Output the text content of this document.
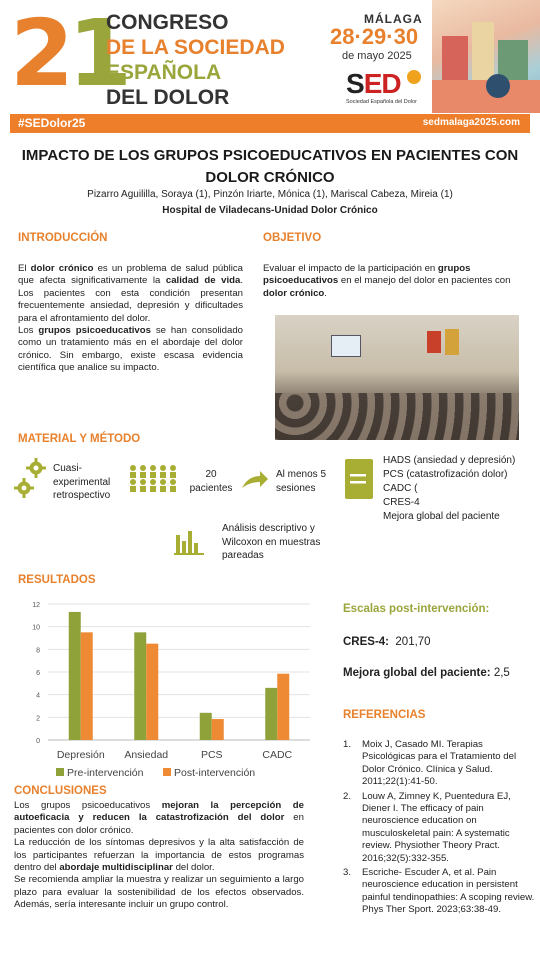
21
CONGRESO
DE LA SOCIEDAD
ESPAÑOLA
DEL DOLOR
MÁLAGA
28·29·30
de mayo 2025
SED
Sociedad Española del Dolor
#SEDolor25	sedmalaga2025.com
IMPACTO DE LOS GRUPOS PSICOEDUCATIVOS EN PACIENTES CON DOLOR CRÓNICO
Pizarro Aguililla, Soraya (1), Pinzón Iriarte, Mónica (1), Mariscal Cabeza, Mireia (1)
Hospital de Viladecans-Unidad Dolor Crónico
INTRODUCCIÓN

El dolor crónico es un problema de salud pública que afecta significativamente la calidad de vida. Los pacientes con esta condición presentan frecuentemente ansiedad, depresión y dificultades para el afrontamiento del dolor.

Los grupos psicoeducativos se han consolidado como un tratamiento más en el abordaje del dolor crónico. Sin embargo, existe escasa evidencia científica que analice su impacto.

OBJETIVO

Evaluar el impacto de la participación en grupos psicoeducativos en el manejo del dolor en pacientes con dolor crónico.

MATERIAL Y MÉTODO
Cuasi-experimental retrospectivo
20 pacientes
Al menos 5 sesiones
HADS (ansiedad y depresión)
PCS (catastrofización dolor)
CADC (
CRES-4
Mejora global del paciente
Análisis descriptivo y Wilcoxon en muestras pareadas
RESULTADOS
0
2
4
6
8
10
12
Depresión Ansiedad	PCS	CADC
Pre-intervención	Post-intervención
Escalas post-intervención:
CRES-4: 201,70
Mejora global del paciente: 2,5
REFERENCIAS
1. Moix J, Casado MI. Terapias Psicológicas para el Tratamiento del Dolor Crónico. Clínica y Salud. 2011;22(1):41-50.
2. Louw A, Zimney K, Puentedura EJ, Diener I. The efficacy of pain neuroscience education on musculoskeletal pain: A systematic review. Physiother Theory Pract. 2016;32(5):332-355.
3. Escriche- Escuder A, et al. Pain neuroscience education in persistent painful tendinopathies: A scoping review. Phys Ther Sport. 2023;63:38-49.
CONCLUSIONES

Los grupos psicoeducativos mejoran la percepción de autoeficacia y reducen la catastrofización del dolor en pacientes con dolor crónico.

La reducción de los síntomas depresivos y la alta satisfacción de los participantes refuerzan la importancia de estos programas dentro del abordaje multidisciplinar del dolor.

Se recomienda ampliar la muestra y realizar un seguimiento a largo plazo para evaluar la sostenibilidad de los efectos observados. Además, sería interesante incluir un grupo control.
